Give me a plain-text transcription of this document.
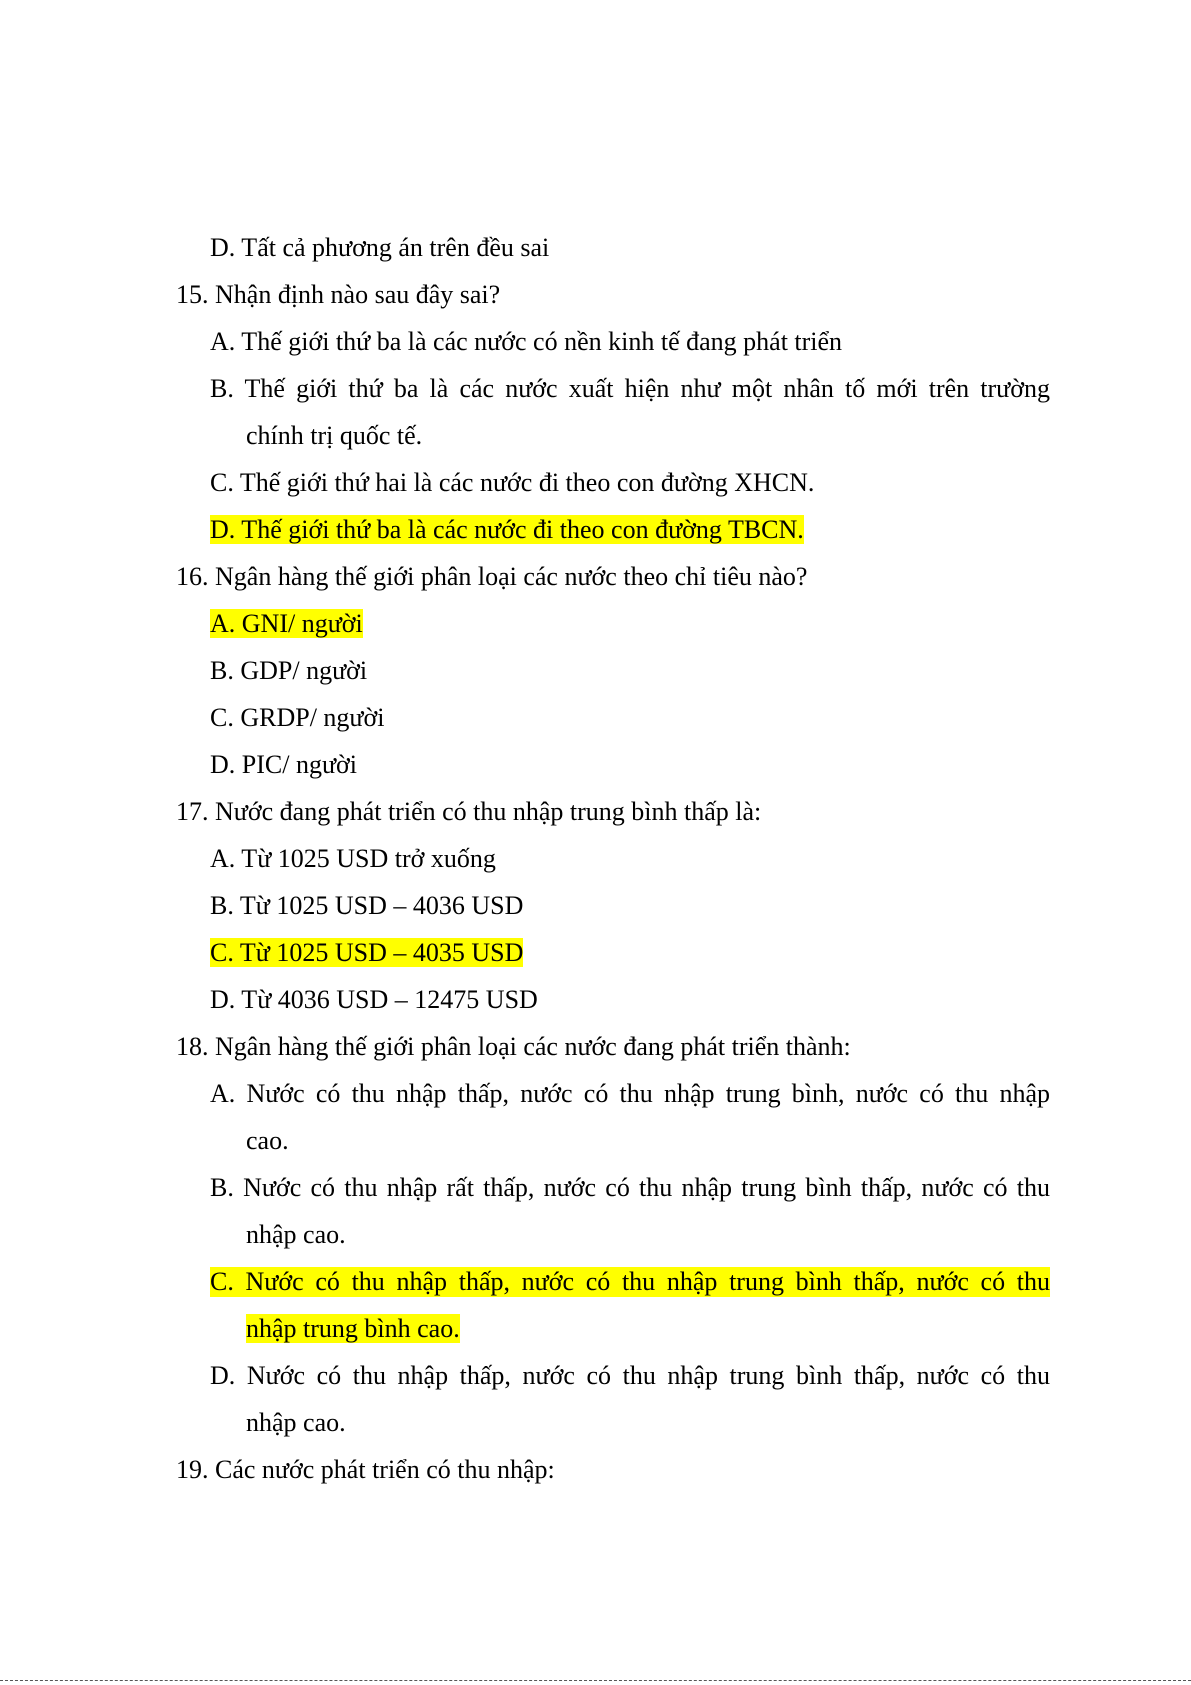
D. Tất cả phương án trên đều sai
15. Nhận định nào sau đây sai?
A. Thế giới thứ ba là các nước có nền kinh tế đang phát triển
B. Thế giới thứ ba là các nước xuất hiện như một nhân tố mới trên trường
chính trị quốc tế.
C. Thế giới thứ hai là các nước đi theo con đường XHCN.
D. Thế giới thứ ba là các nước đi theo con đường TBCN.
16. Ngân hàng thế giới phân loại các nước theo chỉ tiêu nào?
A. GNI/ người
B. GDP/ người
C. GRDP/ người
D. PIC/ người
17. Nước đang phát triển có thu nhập trung bình thấp là:
A. Từ 1025 USD trở xuống
B. Từ 1025 USD – 4036 USD
C. Từ 1025 USD – 4035 USD
D. Từ 4036 USD – 12475 USD
18. Ngân hàng thế giới phân loại các nước đang phát triển thành:
A. Nước có thu nhập thấp, nước có thu nhập trung bình, nước có thu nhập
cao.
B. Nước có thu nhập rất thấp, nước có thu nhập trung bình thấp, nước có thu
nhập cao.
C. Nước có thu nhập thấp, nước có thu nhập trung bình thấp, nước có thu
nhập trung bình cao.
D. Nước có thu nhập thấp, nước có thu nhập trung bình thấp, nước có thu
nhập cao.
19. Các nước phát triển có thu nhập:
